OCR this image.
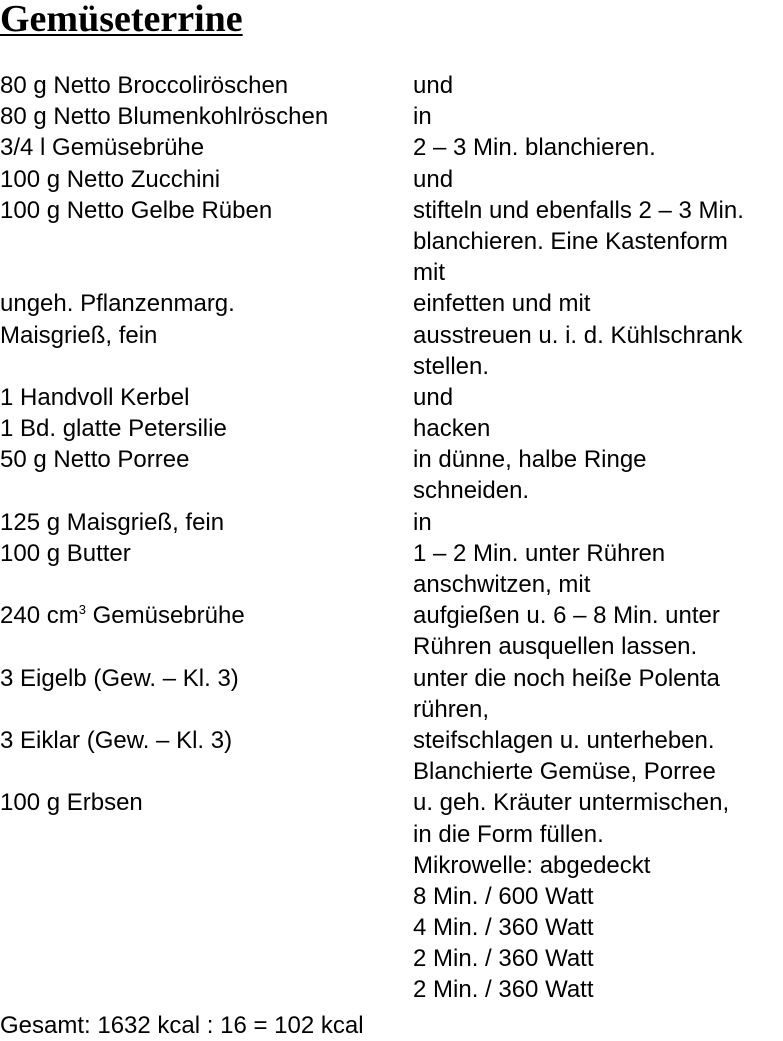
Gemüseterrine
80 g Netto Broccoliröschen	und
80 g Netto Blumenkohlröschen	in
3/4 l Gemüsebrühe	2 – 3 Min. blanchieren.
100 g Netto Zucchini	und
100 g Netto Gelbe Rüben	stifteln und ebenfalls 2 – 3 Min.
blanchieren. Eine Kastenform
mit
ungeh. Pflanzenmarg.	einfetten und mit
Maisgrieß, fein	ausstreuen u. i. d. Kühlschrank
stellen.
1 Handvoll Kerbel	und
1 Bd. glatte Petersilie	hacken
50 g Netto Porree	in dünne, halbe Ringe
schneiden.
125 g Maisgrieß, fein	in
100 g Butter	1 – 2 Min. unter Rühren
anschwitzen, mit
240 $cm^3$ Gemüsebrühe	aufgießen u. 6 – 8 Min. unter
Rühren ausquellen lassen.
3 Eigelb (Gew. – Kl. 3)	unter die noch heiße Polenta
rühren,
3 Eiklar (Gew. – Kl. 3)	steifschlagen u. unterheben.
Blanchierte Gemüse, Porree
100 g Erbsen	u. geh. Kräuter untermischen,
in die Form füllen.
Mikrowelle: abgedeckt
8 Min. / 600 Watt
4 Min. / 360 Watt
2 Min. / 360 Watt
2 Min. / 360 Watt
Gesamt: 1632 kcal : 16 = 102 kcal
